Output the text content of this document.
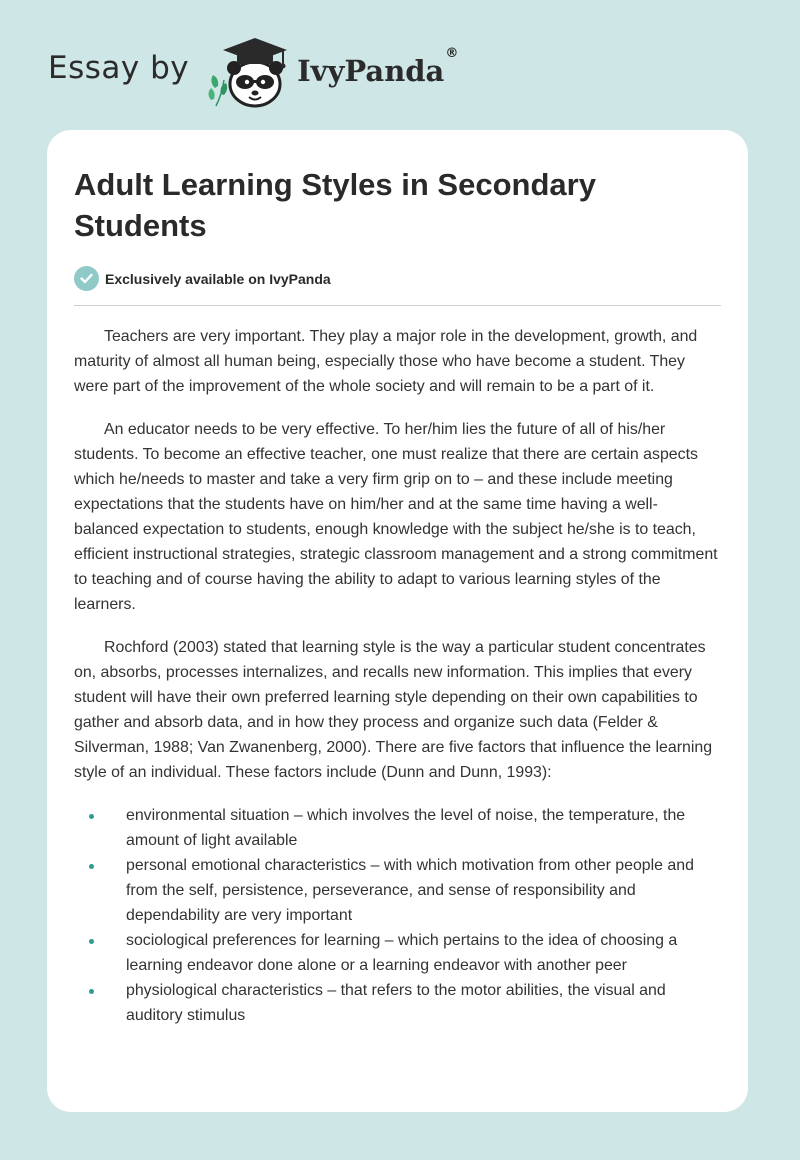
Essay by	IvyPanda®
Adult Learning Styles in Secondary Students
Exclusively available on IvyPanda

Teachers are very important. They play a major role in the development, growth, and maturity of almost all human being, especially those who have become a student. They were part of the improvement of the whole society and will remain to be a part of it.

An educator needs to be very effective. To her/him lies the future of all of his/her students. To become an effective teacher, one must realize that there are certain aspects which he/needs to master and take a very firm grip on to – and these include meeting expectations that the students have on him/her and at the same time having a well-balanced expectation to students, enough knowledge with the subject he/she is to teach, efficient instructional strategies, strategic classroom management and a strong commitment to teaching and of course having the ability to adapt to various learning styles of the learners.

Rochford (2003) stated that learning style is the way a particular student concentrates on, absorbs, processes internalizes, and recalls new information. This implies that every student will have their own preferred learning style depending on their own capabilities to gather and absorb data, and in how they process and organize such data (Felder & Silverman, 1988; Van Zwanenberg, 2000). There are five factors that influence the learning style of an individual. These factors include (Dunn and Dunn, 1993):

environmental situation – which involves the level of noise, the temperature, the amount of light available
personal emotional characteristics – with which motivation from other people and from the self, persistence, perseverance, and sense of responsibility and dependability are very important
sociological preferences for learning – which pertains to the idea of choosing a learning endeavor done alone or a learning endeavor with another peer
physiological characteristics – that refers to the motor abilities, the visual and auditory stimulus
